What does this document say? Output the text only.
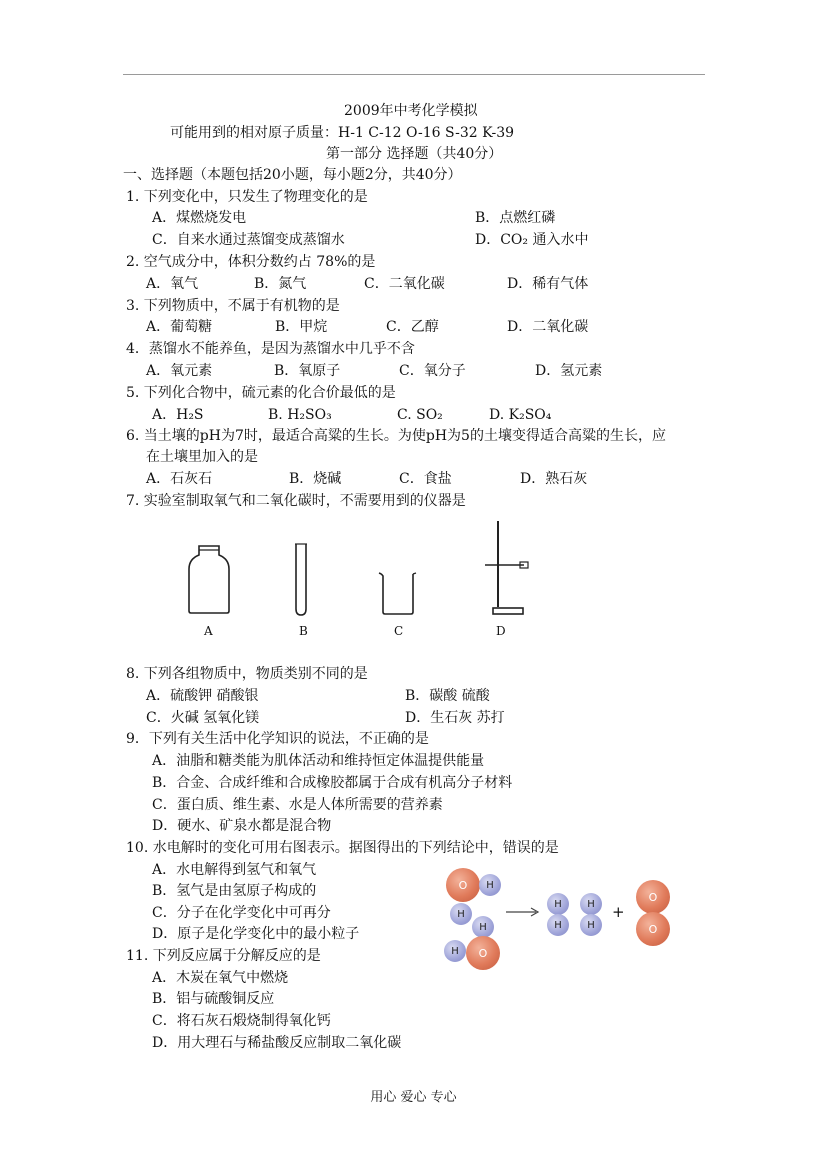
2009年中考化学模拟
可能用到的相对原子质量：H-1 C-12 O-16 S-32 K-39
第一部分 选择题（共40分）
一、选择题（本题包括20小题，每小题2分，共40分）
1. 下列变化中，只发生了物理变化的是
A．煤燃烧发电	B．点燃红磷
C．自来水通过蒸馏变成蒸馏水	D．CO₂ 通入水中
2. 空气成分中，体积分数约占 78%的是
A．氧气	B．氮气	C．二氧化碳	D．稀有气体
3. 下列物质中，不属于有机物的是
A．葡萄糖	B．甲烷	C．乙醇	D．二氧化碳
4．蒸馏水不能养鱼，是因为蒸馏水中几乎不含
A．氧元素	B．氧原子	C．氧分子	D．氢元素
5. 下列化合物中，硫元素的化合价最低的是
A．H₂S	B. H₂SO₃	C. SO₂	D. K₂SO₄
6. 当土壤的pH为7时，最适合高粱的生长。为使pH为5的土壤变得适合高粱的生长，应
在土壤里加入的是
A．石灰石	B．烧碱	C．食盐	D．熟石灰
7. 实验室制取氧气和二氧化碳时，不需要用到的仪器是
A	B	C	D
8. 下列各组物质中，物质类别不同的是
A．硫酸钾 硝酸银	B．碳酸 硫酸
C．火碱 氢氧化镁	D．生石灰 苏打
9．下列有关生活中化学知识的说法，不正确的是
A．油脂和糖类能为肌体活动和维持恒定体温提供能量
B．合金、合成纤维和合成橡胶都属于合成有机高分子材料
C．蛋白质、维生素、水是人体所需要的营养素
D．硬水、矿泉水都是混合物
10. 水电解时的变化可用右图表示。据图得出的下列结论中，错误的是
A．水电解得到氢气和氧气
B．氢气是由氢原子构成的
C．分子在化学变化中可再分
D．原子是化学变化中的最小粒子
O	H
H
H
H	O
H
H
H
H
+
O
O
11. 下列反应属于分解反应的是
A．木炭在氧气中燃烧
B．铝与硫酸铜反应
C．将石灰石煅烧制得氧化钙
D．用大理石与稀盐酸反应制取二氧化碳
用心 爱心 专心
